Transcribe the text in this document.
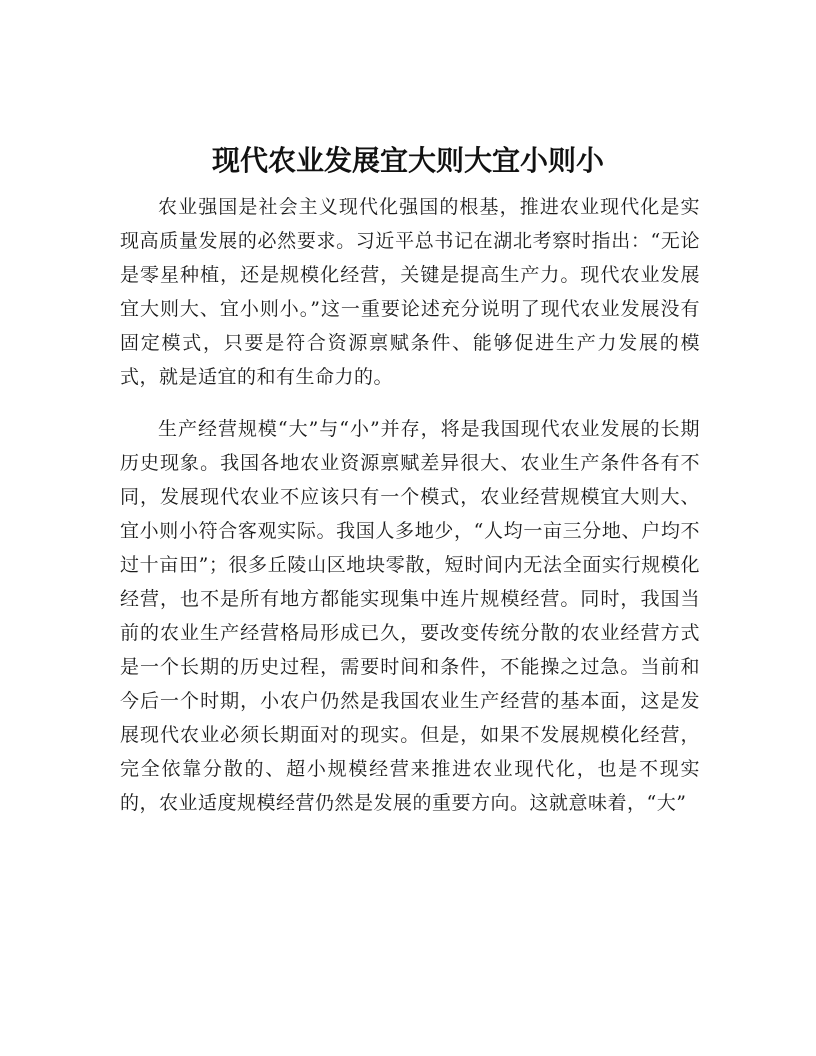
现代农业发展宜大则大宜小则小

农业强国是社会主义现代化强国的根基，推进农业现代化是实现高质量发展的必然要求。习近平总书记在湖北考察时指出：“无论是零星种植，还是规模化经营，关键是提高生产力。现代农业发展宜大则大、宜小则小。”这一重要论述充分说明了现代农业发展没有固定模式，只要是符合资源禀赋条件、能够促进生产力发展的模式，就是适宜的和有生命力的。

生产经营规模“大”与“小”并存，将是我国现代农业发展的长期历史现象。我国各地农业资源禀赋差异很大、农业生产条件各有不同，发展现代农业不应该只有一个模式，农业经营规模宜大则大、宜小则小符合客观实际。我国人多地少，“人均一亩三分地、户均不过十亩田”；很多丘陵山区地块零散，短时间内无法全面实行规模化经营，也不是所有地方都能实现集中连片规模经营。同时，我国当前的农业生产经营格局形成已久，要改变传统分散的农业经营方式是一个长期的历史过程，需要时间和条件，不能操之过急。当前和今后一个时期，小农户仍然是我国农业生产经营的基本面，这是发展现代农业必须长期面对的现实。但是，如果不发展规模化经营，完全依靠分散的、超小规模经营来推进农业现代化，也是不现实的，农业适度规模经营仍然是发展的重要方向。这就意味着，“大”
